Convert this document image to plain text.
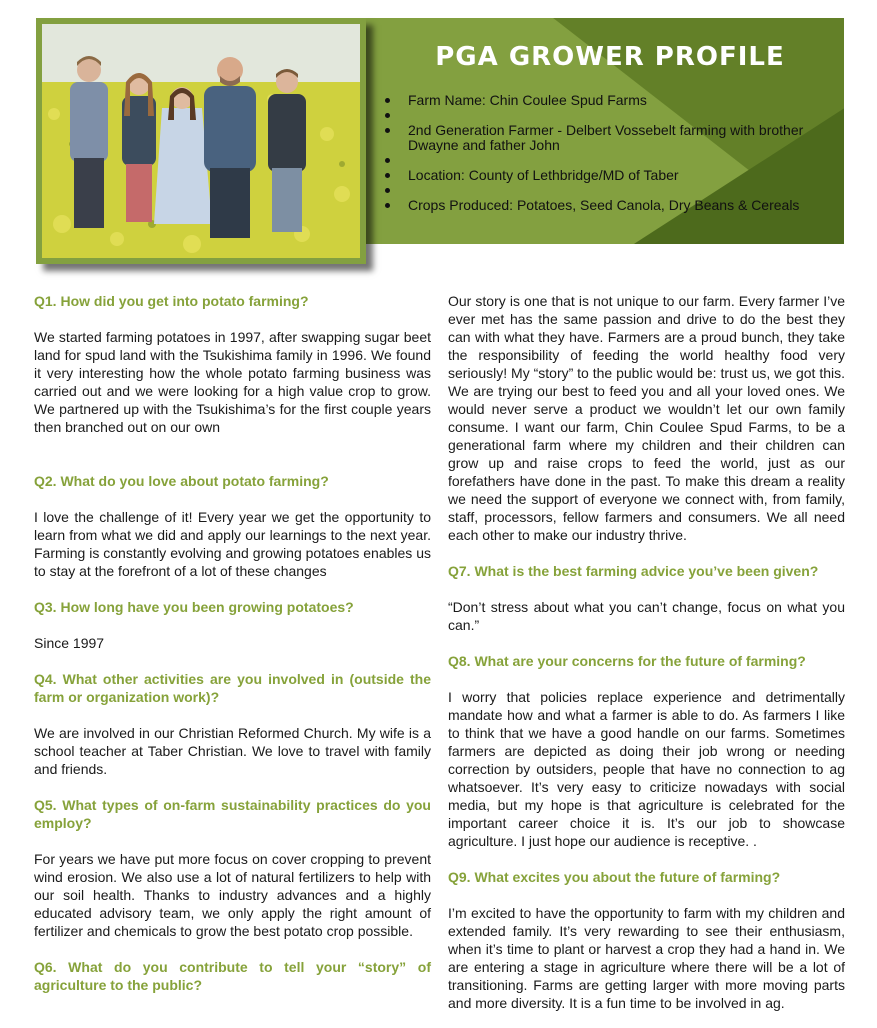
PGA GROWER PROFILE
Farm Name: Chin Coulee Spud Farms
2nd Generation Farmer - Delbert Vossebelt farming with brother Dwayne and father John
Location: County of Lethbridge/MD of Taber
Crops Produced: Potatoes, Seed Canola, Dry Beans & Cereals

Q1. How did you get into potato farming?

We started farming potatoes in 1997, after swapping sugar beet land for spud land with the Tsukishima family in 1996. We found it very interesting how the whole potato farming business was carried out and we were looking for a high value crop to grow. We partnered up with the Tsukishima’s for the first couple years then branched out on our own

Q2. What do you love about potato farming?

I love the challenge of it! Every year we get the opportunity to learn from what we did and apply our learnings to the next year. Farming is constantly evolving and growing potatoes enables us to stay at the forefront of a lot of these changes

Q3. How long have you been growing potatoes?

Since 1997

Q4. What other activities are you involved in (outside the farm or organization work)?

We are involved in our Christian Reformed Church. My wife is a school teacher at Taber Christian. We love to travel with family and friends.

Q5. What types of on-farm sustainability practices do you employ?

For years we have put more focus on cover cropping to prevent wind erosion. We also use a lot of natural fertilizers to help with our soil health. Thanks to industry advances and a highly educated advisory team, we only apply the right amount of fertilizer and chemicals to grow the best potato crop possible.

Q6. What do you contribute to tell your “story” of agriculture to the public?

Our story is one that is not unique to our farm. Every farmer I’ve ever met has the same passion and drive to do the best they can with what they have. Farmers are a proud bunch, they take the responsibility of feeding the world healthy food very seriously! My “story” to the public would be: trust us, we got this. We are trying our best to feed you and all your loved ones. We would never serve a product we wouldn’t let our own family consume. I want our farm, Chin Coulee Spud Farms, to be a generational farm where my children and their children can grow up and raise crops to feed the world, just as our forefathers have done in the past. To make this dream a reality we need the support of everyone we connect with, from family, staff, processors, fellow farmers and consumers. We all need each other to make our industry thrive.

Q7. What is the best farming advice you’ve been given?

“Don’t stress about what you can’t change, focus on what you can.”

Q8. What are your concerns for the future of farming?

I worry that policies replace experience and detrimentally mandate how and what a farmer is able to do. As farmers I like to think that we have a good handle on our farms. Sometimes farmers are depicted as doing their job wrong or needing correction by outsiders, people that have no connection to ag whatsoever. It’s very easy to criticize nowadays with social media, but my hope is that agriculture is celebrated for the important career choice it is. It’s our job to showcase agriculture. I just hope our audience is receptive. .

Q9. What excites you about the future of farming?

I’m excited to have the opportunity to farm with my children and extended family. It’s very rewarding to see their enthusiasm, when it’s time to plant or harvest a crop they had a hand in. We are entering a stage in agriculture where there will be a lot of transitioning. Farms are getting larger with more moving parts and more diversity. It is a fun time to be involved in ag.
